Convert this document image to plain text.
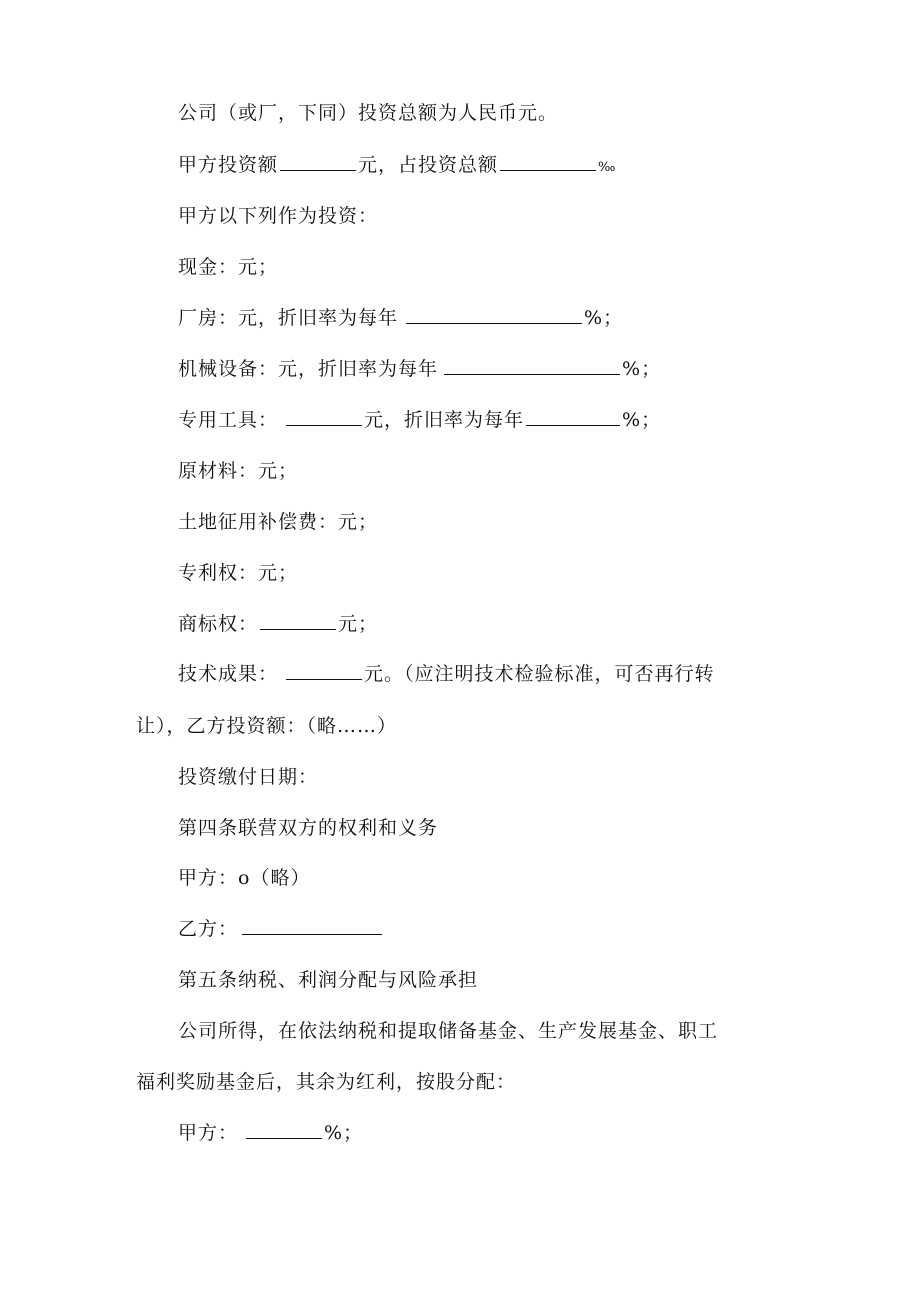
公司（或厂，下同）投资总额为人民币元。
甲方投资额	元，占投资总额	‰
甲方以下列作为投资：
现金：元；
厂房：元，折旧率为每年	%；
机械设备：元，折旧率为每年	%；
专用工具：	元，折旧率为每年	%；
原材料：元；
土地征用补偿费：元；
专利权：元；
商标权：	元；
技术成果：	元。（应注明技术检验标准，可否再行转
让），乙方投资额：（略……）
投资缴付日期：
第四条联营双方的权利和义务
甲方：o（略）
乙方：
第五条纳税、利润分配与风险承担
公司所得，在依法纳税和提取储备基金、生产发展基金、职工
福利奖励基金后，其余为红利，按股分配：
甲方：	%；
